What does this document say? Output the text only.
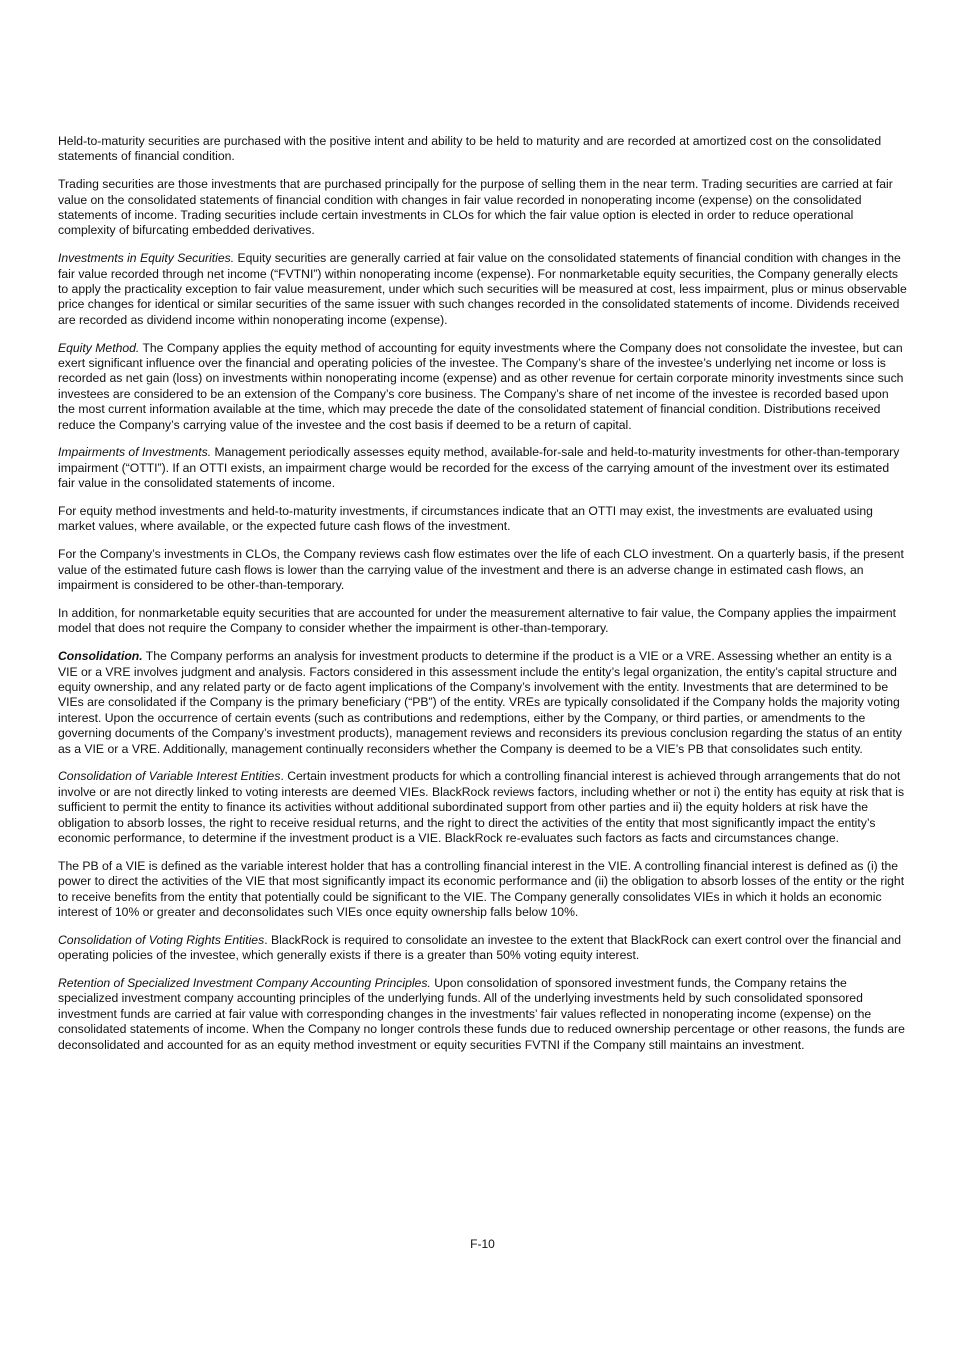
Held-to-maturity securities are purchased with the positive intent and ability to be held to maturity and are recorded at amortized cost on the consolidated statements of financial condition.

Trading securities are those investments that are purchased principally for the purpose of selling them in the near term. Trading securities are carried at fair value on the consolidated statements of financial condition with changes in fair value recorded in nonoperating income (expense) on the consolidated statements of income. Trading securities include certain investments in CLOs for which the fair value option is elected in order to reduce operational complexity of bifurcating embedded derivatives.

Investments in Equity Securities. Equity securities are generally carried at fair value on the consolidated statements of financial condition with changes in the fair value recorded through net income (“FVTNI”) within nonoperating income (expense). For nonmarketable equity securities, the Company generally elects to apply the practicality exception to fair value measurement, under which such securities will be measured at cost, less impairment, plus or minus observable price changes for identical or similar securities of the same issuer with such changes recorded in the consolidated statements of income. Dividends received are recorded as dividend income within nonoperating income (expense).

Equity Method. The Company applies the equity method of accounting for equity investments where the Company does not consolidate the investee, but can exert significant influence over the financial and operating policies of the investee. The Company’s share of the investee’s underlying net income or loss is recorded as net gain (loss) on investments within nonoperating income (expense) and as other revenue for certain corporate minority investments since such investees are considered to be an extension of the Company’s core business. The Company’s share of net income of the investee is recorded based upon the most current information available at the time, which may precede the date of the consolidated statement of financial condition. Distributions received reduce the Company’s carrying value of the investee and the cost basis if deemed to be a return of capital.

Impairments of Investments. Management periodically assesses equity method, available-for-sale and held-to-maturity investments for other-than-temporary impairment (“OTTI”). If an OTTI exists, an impairment charge would be recorded for the excess of the carrying amount of the investment over its estimated fair value in the consolidated statements of income.

For equity method investments and held-to-maturity investments, if circumstances indicate that an OTTI may exist, the investments are evaluated using market values, where available, or the expected future cash flows of the investment.

For the Company’s investments in CLOs, the Company reviews cash flow estimates over the life of each CLO investment. On a quarterly basis, if the present value of the estimated future cash flows is lower than the carrying value of the investment and there is an adverse change in estimated cash flows, an impairment is considered to be other-than-temporary.

In addition, for nonmarketable equity securities that are accounted for under the measurement alternative to fair value, the Company applies the impairment model that does not require the Company to consider whether the impairment is other-than-temporary.

Consolidation. The Company performs an analysis for investment products to determine if the product is a VIE or a VRE. Assessing whether an entity is a VIE or a VRE involves judgment and analysis. Factors considered in this assessment include the entity’s legal organization, the entity’s capital structure and equity ownership, and any related party or de facto agent implications of the Company’s involvement with the entity. Investments that are determined to be VIEs are consolidated if the Company is the primary beneficiary (“PB”) of the entity. VREs are typically consolidated if the Company holds the majority voting interest. Upon the occurrence of certain events (such as contributions and redemptions, either by the Company, or third parties, or amendments to the governing documents of the Company’s investment products), management reviews and reconsiders its previous conclusion regarding the status of an entity as a VIE or a VRE. Additionally, management continually reconsiders whether the Company is deemed to be a VIE’s PB that consolidates such entity.

Consolidation of Variable Interest Entities. Certain investment products for which a controlling financial interest is achieved through arrangements that do not involve or are not directly linked to voting interests are deemed VIEs. BlackRock reviews factors, including whether or not i) the entity has equity at risk that is sufficient to permit the entity to finance its activities without additional subordinated support from other parties and ii) the equity holders at risk have the obligation to absorb losses, the right to receive residual returns, and the right to direct the activities of the entity that most significantly impact the entity’s economic performance, to determine if the investment product is a VIE. BlackRock re-evaluates such factors as facts and circumstances change.

The PB of a VIE is defined as the variable interest holder that has a controlling financial interest in the VIE. A controlling financial interest is defined as (i) the power to direct the activities of the VIE that most significantly impact its economic performance and (ii) the obligation to absorb losses of the entity or the right to receive benefits from the entity that potentially could be significant to the VIE. The Company generally consolidates VIEs in which it holds an economic interest of 10% or greater and deconsolidates such VIEs once equity ownership falls below 10%.

Consolidation of Voting Rights Entities. BlackRock is required to consolidate an investee to the extent that BlackRock can exert control over the financial and operating policies of the investee, which generally exists if there is a greater than 50% voting equity interest.

Retention of Specialized Investment Company Accounting Principles. Upon consolidation of sponsored investment funds, the Company retains the specialized investment company accounting principles of the underlying funds. All of the underlying investments held by such consolidated sponsored investment funds are carried at fair value with corresponding changes in the investments’ fair values reflected in nonoperating income (expense) on the consolidated statements of income. When the Company no longer controls these funds due to reduced ownership percentage or other reasons, the funds are deconsolidated and accounted for as an equity method investment or equity securities FVTNI if the Company still maintains an investment.

F-10
